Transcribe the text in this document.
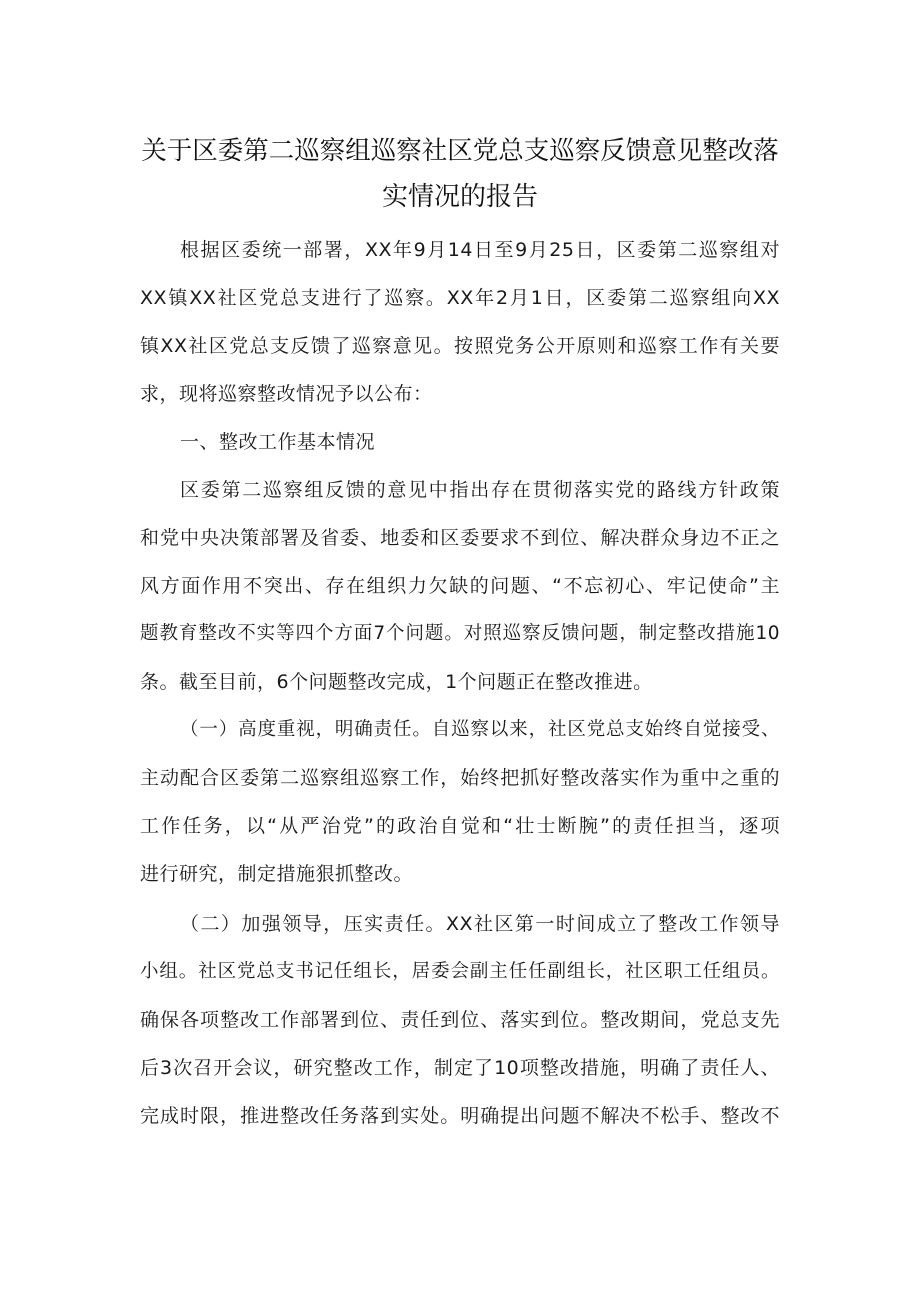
关于区委第二巡察组巡察社区党总支巡察反馈意见整改落
实情况的报告
根据区委统一部署，XX年9月14日至9月25日，区委第二巡察组对
XX镇XX社区党总支进行了巡察。XX年2月1日，区委第二巡察组向XX
镇XX社区党总支反馈了巡察意见。按照党务公开原则和巡察工作有关要
求，现将巡察整改情况予以公布：
一、整改工作基本情况
区委第二巡察组反馈的意见中指出存在贯彻落实党的路线方针政策
和党中央决策部署及省委、地委和区委要求不到位、解决群众身边不正之
风方面作用不突出、存在组织力欠缺的问题、“不忘初心、牢记使命”主
题教育整改不实等四个方面7个问题。对照巡察反馈问题，制定整改措施10
条。截至目前，6个问题整改完成，1个问题正在整改推进。
（一）高度重视，明确责任。自巡察以来，社区党总支始终自觉接受、
主动配合区委第二巡察组巡察工作，始终把抓好整改落实作为重中之重的
工作任务，以“从严治党”的政治自觉和“壮士断腕”的责任担当，逐项
进行研究，制定措施狠抓整改。
（二）加强领导，压实责任。XX社区第一时间成立了整改工作领导
小组。社区党总支书记任组长，居委会副主任任副组长，社区职工任组员。
确保各项整改工作部署到位、责任到位、落实到位。整改期间，党总支先
后3次召开会议，研究整改工作，制定了10项整改措施，明确了责任人、
完成时限，推进整改任务落到实处。明确提出问题不解决不松手、整改不
